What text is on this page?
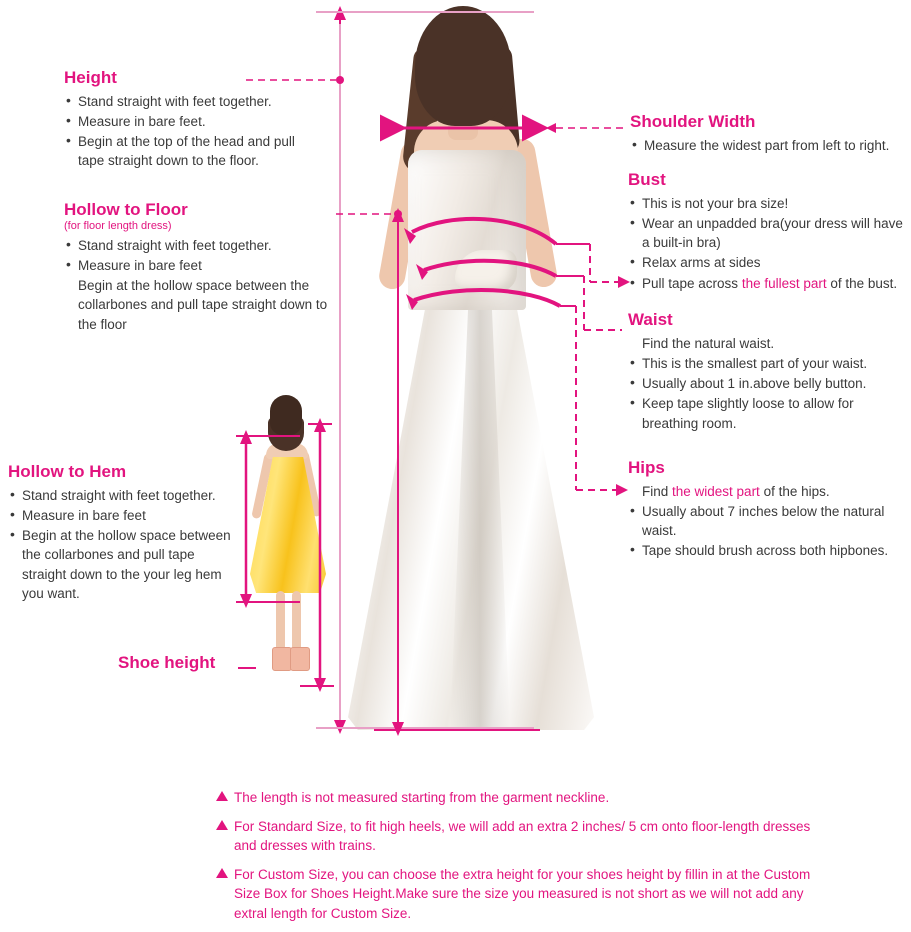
Height
• Stand straight with feet together.
• Measure in bare feet.
• Begin at the top of the head and pull tape straight down to the floor.
Hollow to Floor
(for floor length dress)
• Stand straight with feet together.
• Measure in bare feet
Begin at the hollow space between the collarbones and pull tape straight down to the floor
Hollow to Hem
• Stand straight with feet together.
• Measure in bare feet
• Begin at the hollow space between the collarbones and pull tape straight down to the your leg hem you want.
Shoe height
Shoulder Width
• Measure the widest part from left to right.
Bust
• This is not your bra size!
• Wear an unpadded bra(your dress will have a built-in bra)
• Relax arms at sides
• Pull tape across the fullest part of the bust.
Waist
Find the natural waist.
• This is the smallest part of your waist.
• Usually about 1 in.above belly button.
• Keep tape slightly loose to allow for breathing room.
Hips
Find the widest part of the hips.
• Usually about 7 inches below the natural waist.
• Tape should brush across both hipbones.
The length is not measured starting from the garment neckline.
For Standard Size, to fit high heels, we will add an extra 2 inches/ 5 cm onto floor-length dresses and dresses with trains.
For Custom Size, you can choose the extra height for your shoes height by fillin in at the Custom Size Box for Shoes Height.Make sure the size you measured is not short as we will not add any extral length for Custom Size.
